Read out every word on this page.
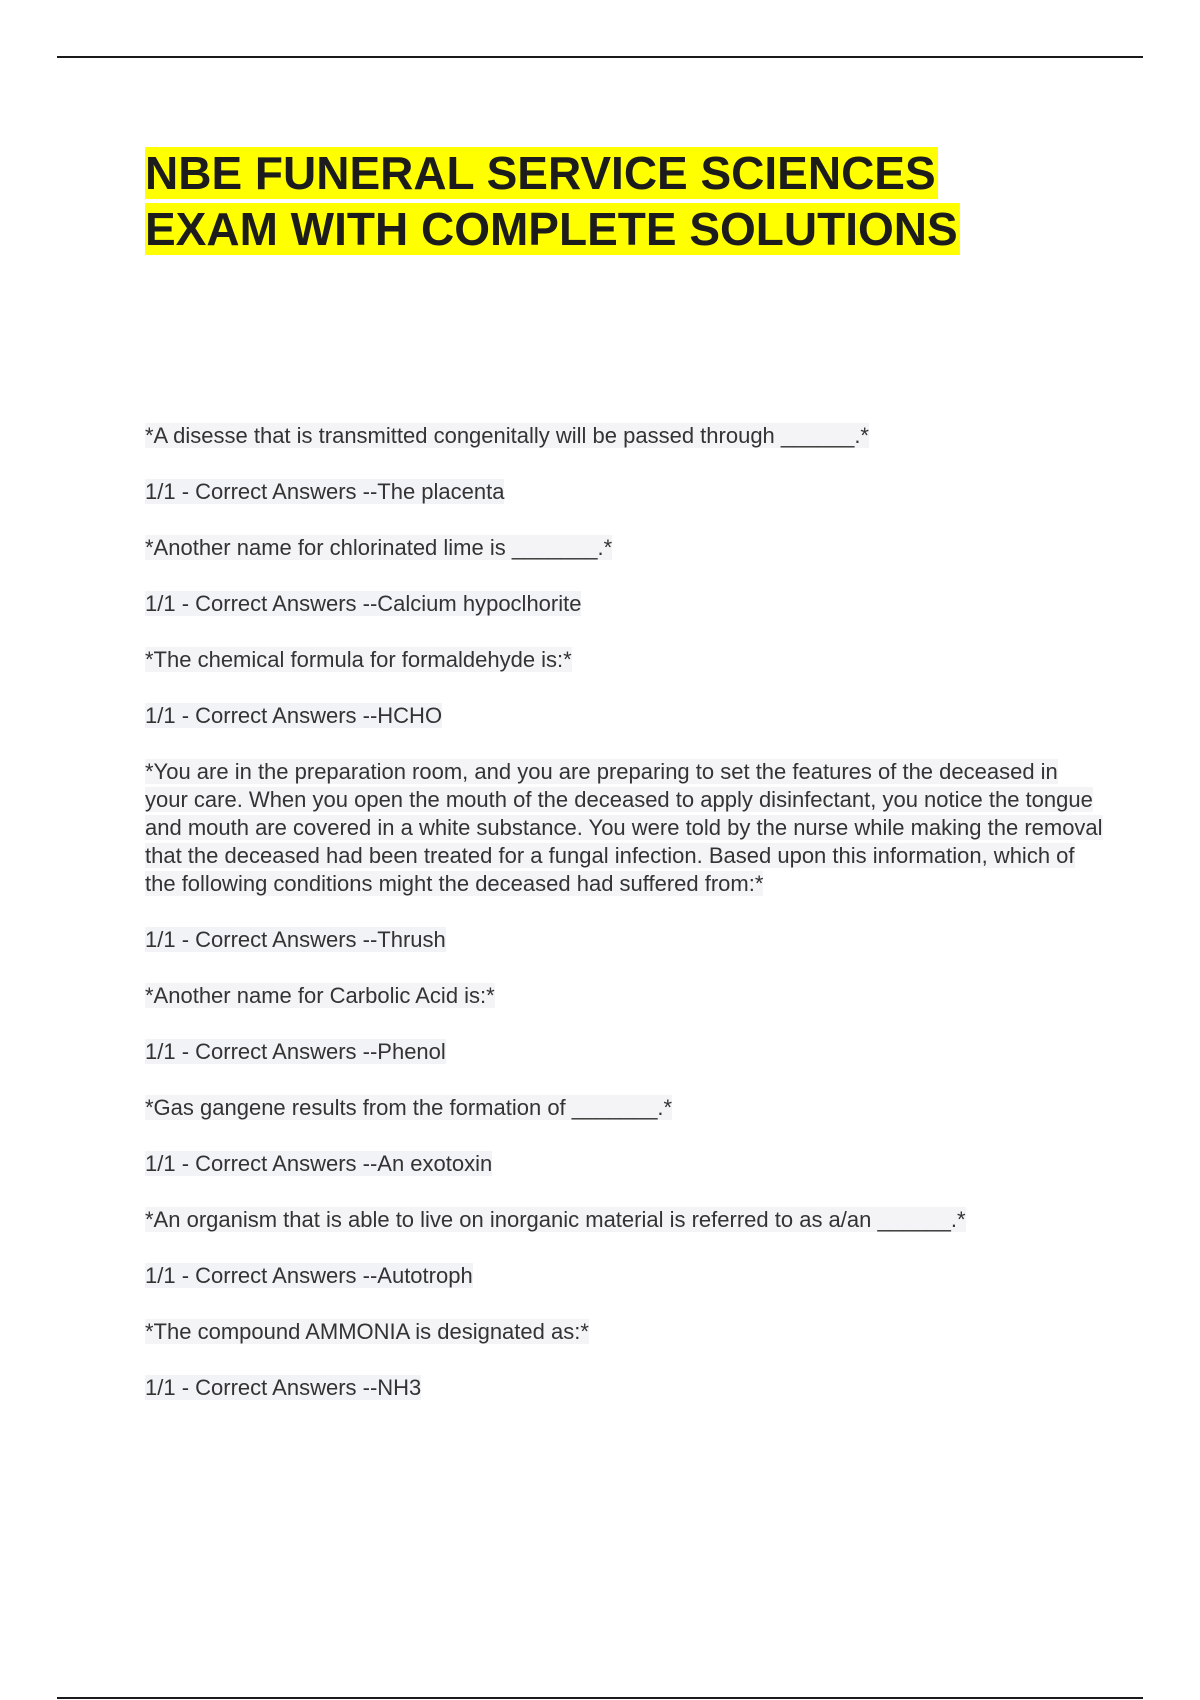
NBE FUNERAL SERVICE SCIENCES
EXAM WITH COMPLETE SOLUTIONS

*A disesse that is transmitted congenitally will be passed through ______.*

1/1 - Correct Answers --The placenta

*Another name for chlorinated lime is _______.*

1/1 - Correct Answers --Calcium hypoclhorite

*The chemical formula for formaldehyde is:*

1/1 - Correct Answers --HCHO

*You are in the preparation room, and you are preparing to set the features of the deceased in your care. When you open the mouth of the deceased to apply disinfectant, you notice the tongue and mouth are covered in a white substance. You were told by the nurse while making the removal that the deceased had been treated for a fungal infection. Based upon this information, which of the following conditions might the deceased had suffered from:*

1/1 - Correct Answers --Thrush

*Another name for Carbolic Acid is:*

1/1 - Correct Answers --Phenol

*Gas gangene results from the formation of _______.*

1/1 - Correct Answers --An exotoxin

*An organism that is able to live on inorganic material is referred to as a/an ______.*

1/1 - Correct Answers --Autotroph

*The compound AMMONIA is designated as:*

1/1 - Correct Answers --NH3
